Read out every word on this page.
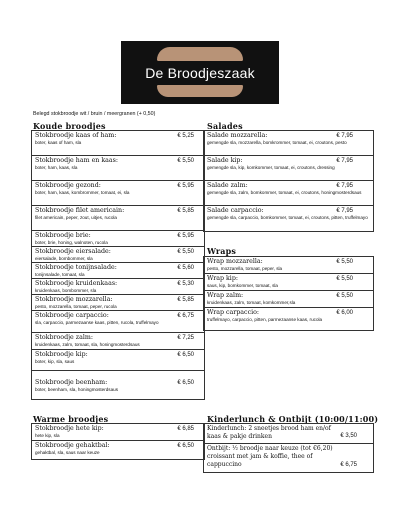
De Broodjeszaak
Belegd stokbroodje wit / bruin / meergranen (+ 0,50)
Koude broodjes	Salades
Wraps
Warme broodjes	Kinderlunch & Ontbijt (10:00/11:00)
Stokbroodje kaas of ham:	€ 5,25
boter, kaas of ham, sla
Stokbroodje ham en kaas:	€ 5,50
boter, ham, kaas, sla
Stokbroodje gezond:	€ 5,95
boter, ham, kaas, kombrommer, tomaat, ei, sla
Stokbroodje filet americain:	€ 5,85
filet americain, peper, zout, uitjes, rucola
Stokbroodje brie:	€ 5,95
boter, brie, honing, walnoten, rucola
Stokbroodje eiersalade:	€ 5,50
eiersalade, bombommer, sla
Stokbroodje tonijnsalade:	€ 5,60
tonijnsalade, tomaat, sla
Stokbroodje kruidenkaas:	€ 5,30
kruidenkaas, bombommer, sla
Stokbroodje mozzarella:	€ 5,85
pesto, mozzarella, tomaat, peper, rucola
Stokbroodje carpaccio:	€ 6,75
sla, carpaccio, parmezaanse kaas, pitten, rucola, truffelmayo
Stokbroodje zalm:	€ 7,25
kruidenkaas, zalm, tomaat, sla, honingmosterdsaus
Stokbroodje kip:	€ 6,50
boter, kip, sla, saus
Stokbroodje beenham:	€ 6,50
boter, beenham, sla, honingmosterdsaus
Salade mozzarella:	€ 7,95
gemengde sla, mozzarella, bomkrommer, tomaat, ei, croutons, pesto
Salade kip:	€ 7,95
gemengde sla, kip, komkommer, tomaat, ei, croutons, dressing
Salade zalm:	€ 7,95
gemengde sla, zalm, bomkommer, tomaat, ei, croutons, honingmosterdsaus
Salade carpaccio:	€ 7,95
gemengde sla, carpaccio, bomkommer, tomaat, ei, croutons, pitten, truffelmayo
Wrap mozzarella:	€ 5,50
pesto, mozzarella, tomaat, peper, sla
Wrap kip:	€ 5,50
saus, kip, bomkommer, tomaat, sla
Wrap zalm:	€ 5,50
kruidenkaas, zalm, tomaat, komkommer,sla
Wrap carpaccio:	€ 6,00
truffelmayo, carpaccio, pitten, parmezaanse kaas, rucola
Stokbroodje hete kip:	€ 6,85
hete kip, sla
Stokbroodje gehaktbal:	€ 6,50
gehaktbal, sla, saus naar keuze
Kinderlunch: 2 sneetjes brood ham en/of kaas & pakje drinken	€ 3,50
Ontbijt: ½ broodje naar keuze (tot €6,20) croissant met jam & koffie, thee of cappuccino	€ 6,75
